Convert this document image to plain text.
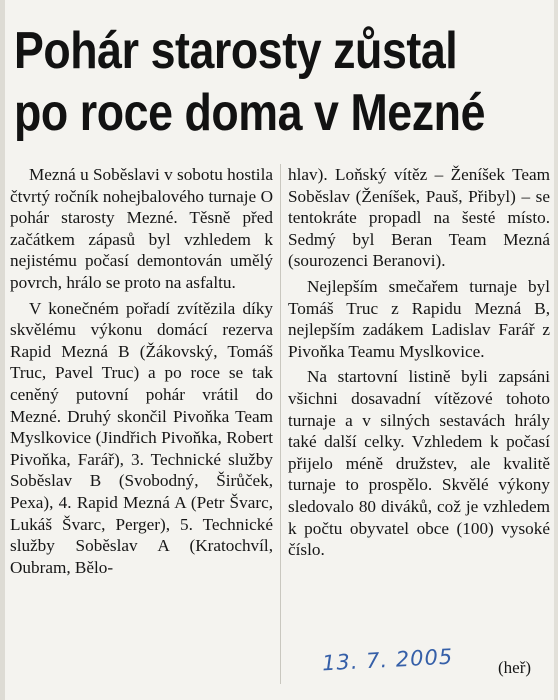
Pohár starosty zůstal
po roce doma v Mezné

Mezná u Soběslavi v sobotu hostila čtvrtý ročník nohejbalového turnaje O pohár starosty Mezné. Těsně před začátkem zápasů byl vzhledem k nejistému počasí demontován umělý povrch, hrálo se proto na asfaltu.

V konečném pořadí zvítězila díky skvělému výkonu domácí rezerva Rapid Mezná B (Žákovský, Tomáš Truc, Pavel Truc) a po roce se tak ceněný putovní pohár vrátil do Mezné. Druhý skončil Pivoňka Team Myslkovice (Jindřich Pivoňka, Robert Pivoňka, Farář), 3. Technické služby Soběslav B (Svobodný, Širůček, Pexa), 4. Rapid Mezná A (Petr Švarc, Lukáš Švarc, Perger), 5. Technické služby Soběslav A (Kratochvíl, Oubram, Bělo-

hlav). Loňský vítěz – Ženíšek Team Soběslav (Ženíšek, Pauš, Přibyl) – se tentokráte propadl na šesté místo. Sedmý byl Beran Team Mezná (sourozenci Beranovi).

Nejlepším smečařem turnaje byl Tomáš Truc z Rapidu Mezná B, nejlepším zadákem Ladislav Farář z Pivoňka Teamu Myslkovice.

Na startovní listině byli zapsáni všichni dosavadní vítězové tohoto turnaje a v silných sestavách hrály také další celky. Vzhledem k počasí přijelo méně družstev, ale kvalitě turnaje to prospělo. Skvělé výkony sledovalo 80 diváků, což je vzhledem k počtu obyvatel obce (100) vysoké číslo.

13. 7. 2005	(heř)
